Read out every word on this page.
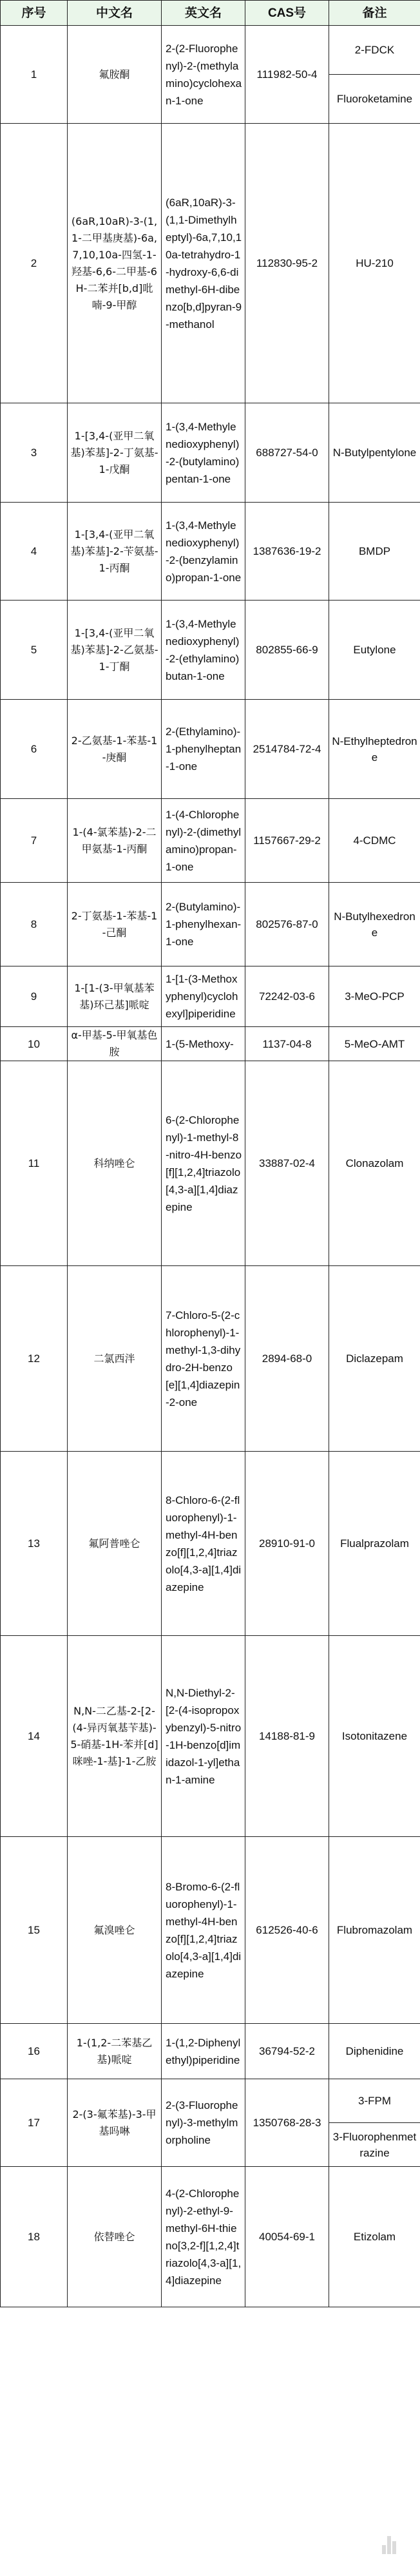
序号	中文名	英文名	CAS号	备注
1	氟胺酮	2-(2-Fluorophenyl)-2-(methylamino)cyclohexan-1-one	111982-50-4	2-FDCK
				Fluoroketamine
2	(6aR,10aR)-3-(1,1-二甲基庚基)-6a,7,10,10a-四氢-1-羟基-6,6-二甲基-6H-二苯并[b,d]吡喃-9-甲醇	(6aR,10aR)-3-(1,1-Dimethylheptyl)-6a,7,10,10a-tetrahydro-1-hydroxy-6,6-dimethyl-6H-dibenzo[b,d]pyran-9-methanol	112830-95-2	HU-210
3	1-[3,4-(亚甲二氧基)苯基]-2-丁氨基-1-戊酮	1-(3,4-Methylenedioxyphenyl)-2-(butylamino)pentan-1-one	688727-54-0	N-Butylpentylone
4	1-[3,4-(亚甲二氧基)苯基]-2-苄氨基-1-丙酮	1-(3,4-Methylenedioxyphenyl)-2-(benzylamino)propan-1-one	1387636-19-2	BMDP
5	1-[3,4-(亚甲二氧基)苯基]-2-乙氨基-1-丁酮	1-(3,4-Methylenedioxyphenyl)-2-(ethylamino)butan-1-one	802855-66-9	Eutylone
6	2-乙氨基-1-苯基-1-庚酮	2-(Ethylamino)-1-phenylheptan-1-one	2514784-72-4	N-Ethylheptedrone
7	1-(4-氯苯基)-2-二甲氨基-1-丙酮	1-(4-Chlorophenyl)-2-(dimethylamino)propan-1-one	1157667-29-2	4-CDMC
8	2-丁氨基-1-苯基-1-己酮	2-(Butylamino)-1-phenylhexan-1-one	802576-87-0	N-Butylhexedrone
9	1-[1-(3-甲氧基苯基)环己基]哌啶	1-[1-(3-Methoxyphenyl)cyclohexyl]piperidine	72242-03-6	3-MeO-PCP
10	α-甲基-5-甲氧基色胺	1-(5-Methoxy-	1137-04-8	5-MeO-AMT
11	科纳唑仑	6-(2-Chlorophenyl)-1-methyl-8-nitro-4H-benzo[f][1,2,4]triazolo[4,3-a][1,4]diazepine	33887-02-4	Clonazolam
12	二氯西泮	7-Chloro-5-(2-chlorophenyl)-1-methyl-1,3-dihydro-2H-benzo[e][1,4]diazepin-2-one	2894-68-0	Diclazepam
13	氟阿普唑仑	8-Chloro-6-(2-fluorophenyl)-1-methyl-4H-benzo[f][1,2,4]triazolo[4,3-a][1,4]diazepine	28910-91-0	Flualprazolam
14	N,N-二乙基-2-[2-(4-异丙氧基苄基)-5-硝基-1H-苯并[d]咪唑-1-基]-1-乙胺	N,N-Diethyl-2-[2-(4-isopropoxybenzyl)-5-nitro-1H-benzo[d]imidazol-1-yl]ethan-1-amine	14188-81-9	Isotonitazene
15	氟溴唑仑	8-Bromo-6-(2-fluorophenyl)-1-methyl-4H-benzo[f][1,2,4]triazolo[4,3-a][1,4]diazepine	612526-40-6	Flubromazolam
16	1-(1,2-二苯基乙基)哌啶	1-(1,2-Diphenylethyl)piperidine	36794-52-2	Diphenidine
17	2-(3-氟苯基)-3-甲基吗啉	2-(3-Fluorophenyl)-3-methylmorpholine	1350768-28-3	3-FPM
				3-Fluorophenmetrazine
18	依替唑仑	4-(2-Chlorophenyl)-2-ethyl-9-methyl-6H-thieno[3,2-f][1,2,4]triazolo[4,3-a][1,4]diazepine	40054-69-1	Etizolam
